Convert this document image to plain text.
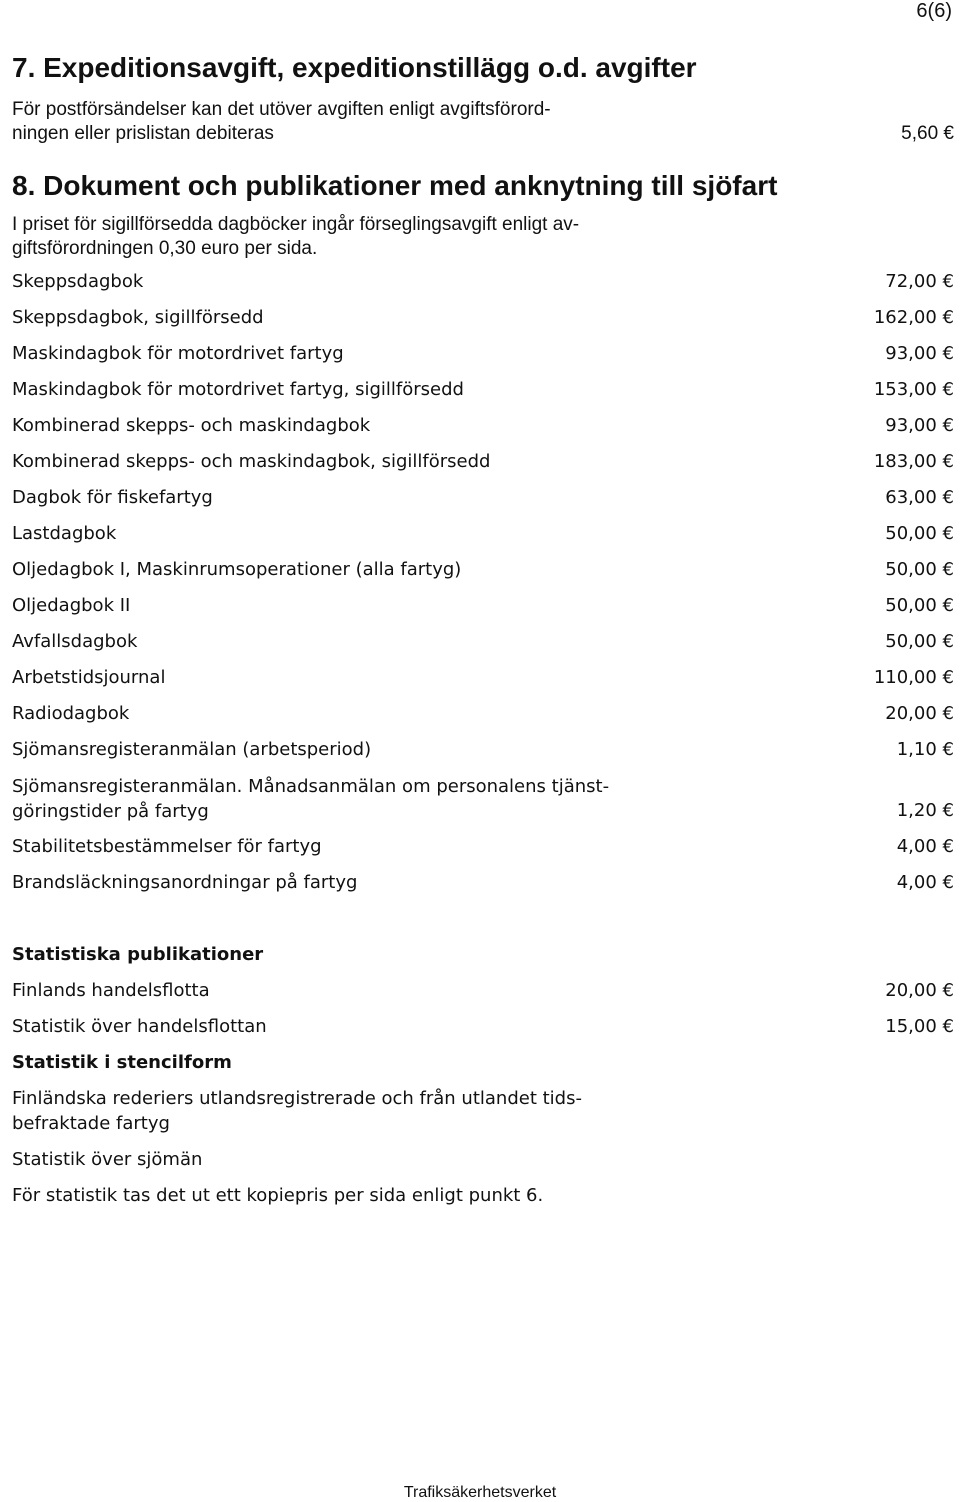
6(6)
7. Expeditionsavgift, expeditionstillägg o.d. avgifter
För postförsändelser kan det utöver avgiften enligt avgiftsförord-
ningen eller prislistan debiteras	5,60 €
8. Dokument och publikationer med anknytning till sjöfart
I priset för sigillförsedda dagböcker ingår förseglingsavgift enligt av-
giftsförordningen 0,30 euro per sida.
Skeppsdagbok	72,00 €
Skeppsdagbok, sigillförsedd	162,00 €
Maskindagbok för motordrivet fartyg	93,00 €
Maskindagbok för motordrivet fartyg, sigillförsedd	153,00 €
Kombinerad skepps- och maskindagbok	93,00 €
Kombinerad skepps- och maskindagbok, sigillförsedd	183,00 €
Dagbok för fiskefartyg	63,00 €
Lastdagbok	50,00 €
Oljedagbok I, Maskinrumsoperationer (alla fartyg)	50,00 €
Oljedagbok II	50,00 €
Avfallsdagbok	50,00 €
Arbetstidsjournal	110,00 €
Radiodagbok	20,00 €
Sjömansregisteranmälan (arbetsperiod)	1,10 €
Sjömansregisteranmälan. Månadsanmälan om personalens tjänst-
göringstider på fartyg	1,20 €
Stabilitetsbestämmelser för fartyg	4,00 €
Brandsläckningsanordningar på fartyg	4,00 €
Statistiska publikationer
Finlands handelsflotta	20,00 €
Statistik över handelsflottan	15,00 €
Statistik i stencilform
Finländska rederiers utlandsregistrerade och från utlandet tids-
befraktade fartyg
Statistik över sjömän
För statistik tas det ut ett kopiepris per sida enligt punkt 6.
Trafiksäkerhetsverket
